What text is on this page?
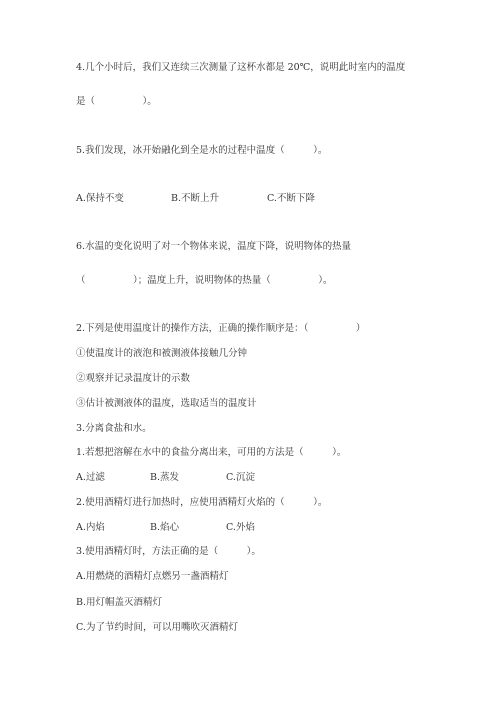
4.几个小时后，我们又连续三次测量了这杯水都是 20℃，说明此时室内的温度
是（　　　　　）。
5.我们发现，冰开始融化到全是水的过程中温度（　　　）。
A.保持不变	B.不断上升	C.不断下降
6.水温的变化说明了对一个物体来说，温度下降，说明物体的热量
（　　　　　）；温度上升，说明物体的热量（　　　　　）。
2.下列是使用温度计的操作方法，正确的操作顺序是：（　　　　　）
①使温度计的液泡和被测液体接触几分钟
②观察并记录温度计的示数
③估计被测液体的温度，选取适当的温度计
3.分离食盐和水。
1.若想把溶解在水中的食盐分离出来，可用的方法是（　　　）。
A.过滤	B.蒸发	C.沉淀
2.使用酒精灯进行加热时，应使用酒精灯火焰的（　　　）。
A.内焰	B.焰心	C.外焰
3.使用酒精灯时，方法正确的是（　　　）。
A.用燃烧的酒精灯点燃另一盏酒精灯
B.用灯帽盖灭酒精灯
C.为了节约时间，可以用嘴吹灭酒精灯
